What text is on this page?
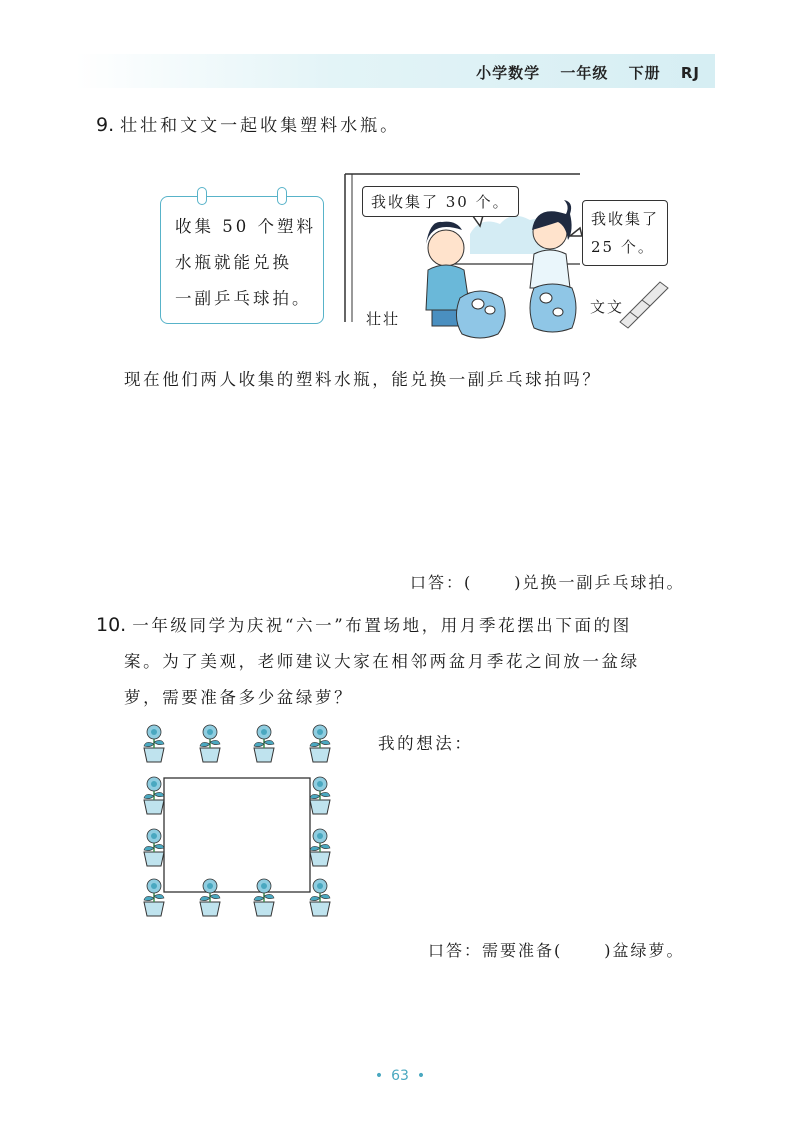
小学数学 一年级 下册 RJ
9. 壮壮和文文一起收集塑料水瓶。
收集 50 个塑料
水瓶就能兑换
一副乒乓球拍。
我收集了 30 个。
我收集了
25 个。
壮壮
文文
现在他们两人收集的塑料水瓶，能兑换一副乒乓球拍吗？
口答：(	)兑换一副乒乓球拍。
10. 一年级同学为庆祝“六一”布置场地，用月季花摆出下面的图
案。为了美观，老师建议大家在相邻两盆月季花之间放一盆绿
萝，需要准备多少盆绿萝？
我的想法：
口答：需要准备(	)盆绿萝。
• 63 •
